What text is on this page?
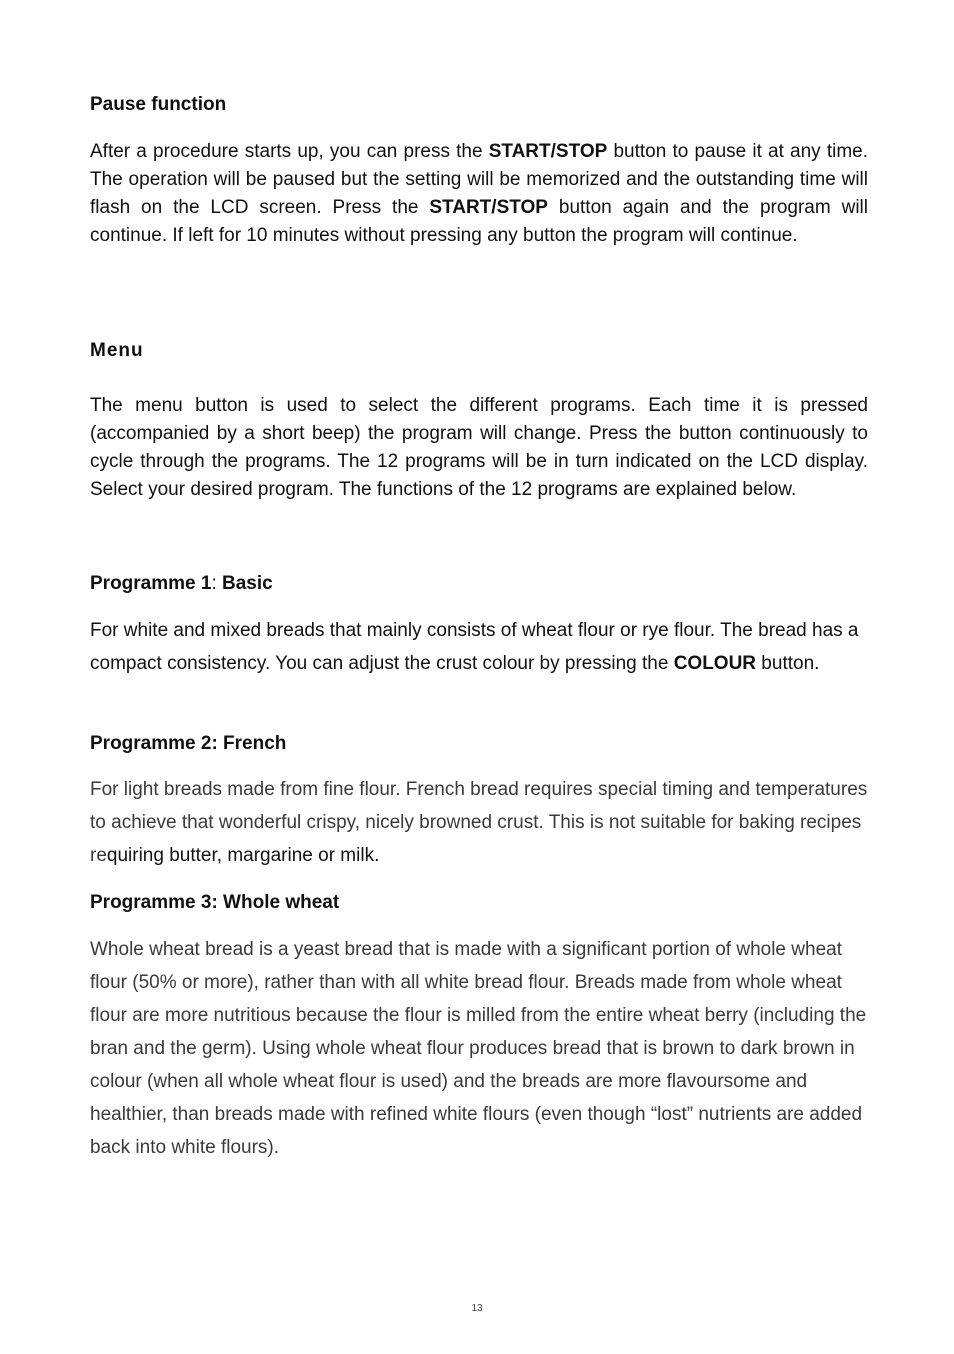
Pause function

After a procedure starts up, you can press the START/STOP button to pause it at any time. The operation will be paused but the setting will be memorized and the outstanding time will flash on the LCD screen. Press the START/STOP button again and the program will continue. If left for 10 minutes without pressing any button the program will continue.

Menu

The menu button is used to select the different programs. Each time it is pressed (accompanied by a short beep) the program will change. Press the button continuously to cycle through the programs. The 12 programs will be in turn indicated on the LCD display. Select your desired program. The functions of the 12 programs are explained below.

Programme 1: Basic

For white and mixed breads that mainly consists of wheat flour or rye flour. The bread has a compact consistency. You can adjust the crust colour by pressing the COLOUR button.

Programme 2: French

For light breads made from fine flour. French bread requires special timing and temperatures to achieve that wonderful crispy, nicely browned crust. This is not suitable for baking recipes requiring butter, margarine or milk.

Programme 3: Whole wheat

Whole wheat bread is a yeast bread that is made with a significant portion of whole wheat flour (50% or more), rather than with all white bread flour. Breads made from whole wheat flour are more nutritious because the flour is milled from the entire wheat berry (including the bran and the germ). Using whole wheat flour produces bread that is brown to dark brown in colour (when all whole wheat flour is used) and the breads are more flavoursome and healthier, than breads made with refined white flours (even though “lost” nutrients are added back into white flours).

13
